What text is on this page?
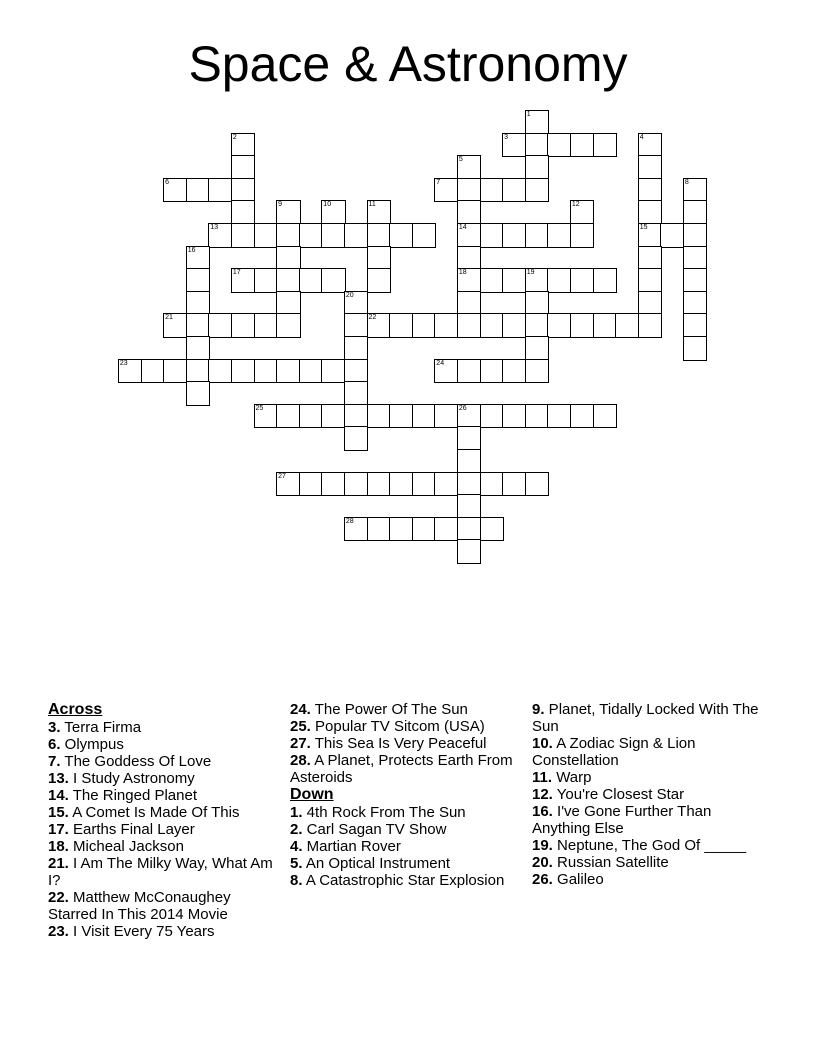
Space & Astronomy
1
2	3	4
5
6	7	8
9	10	11	12
13	14	15
16
17	18	19
20
21	22
23	24
25	26
27
28
Across
3. Terra Firma
6. Olympus
7. The Goddess Of Love
13. I Study Astronomy
14. The Ringed Planet
15. A Comet Is Made Of This
17. Earths Final Layer
18. Micheal Jackson
21. I Am The Milky Way, What Am I?
22. Matthew McConaughey Starred In This 2014 Movie
23. I Visit Every 75 Years
24. The Power Of The Sun
25. Popular TV Sitcom (USA)
27. This Sea Is Very Peaceful
28. A Planet, Protects Earth From Asteroids
Down
1. 4th Rock From The Sun
2. Carl Sagan TV Show
4. Martian Rover
5. An Optical Instrument
8. A Catastrophic Star Explosion
9. Planet, Tidally Locked With The Sun
10. A Zodiac Sign & Lion Constellation
11. Warp
12. You're Closest Star
16. I've Gone Further Than Anything Else
19. Neptune, The God Of _____
20. Russian Satellite
26. Galileo
